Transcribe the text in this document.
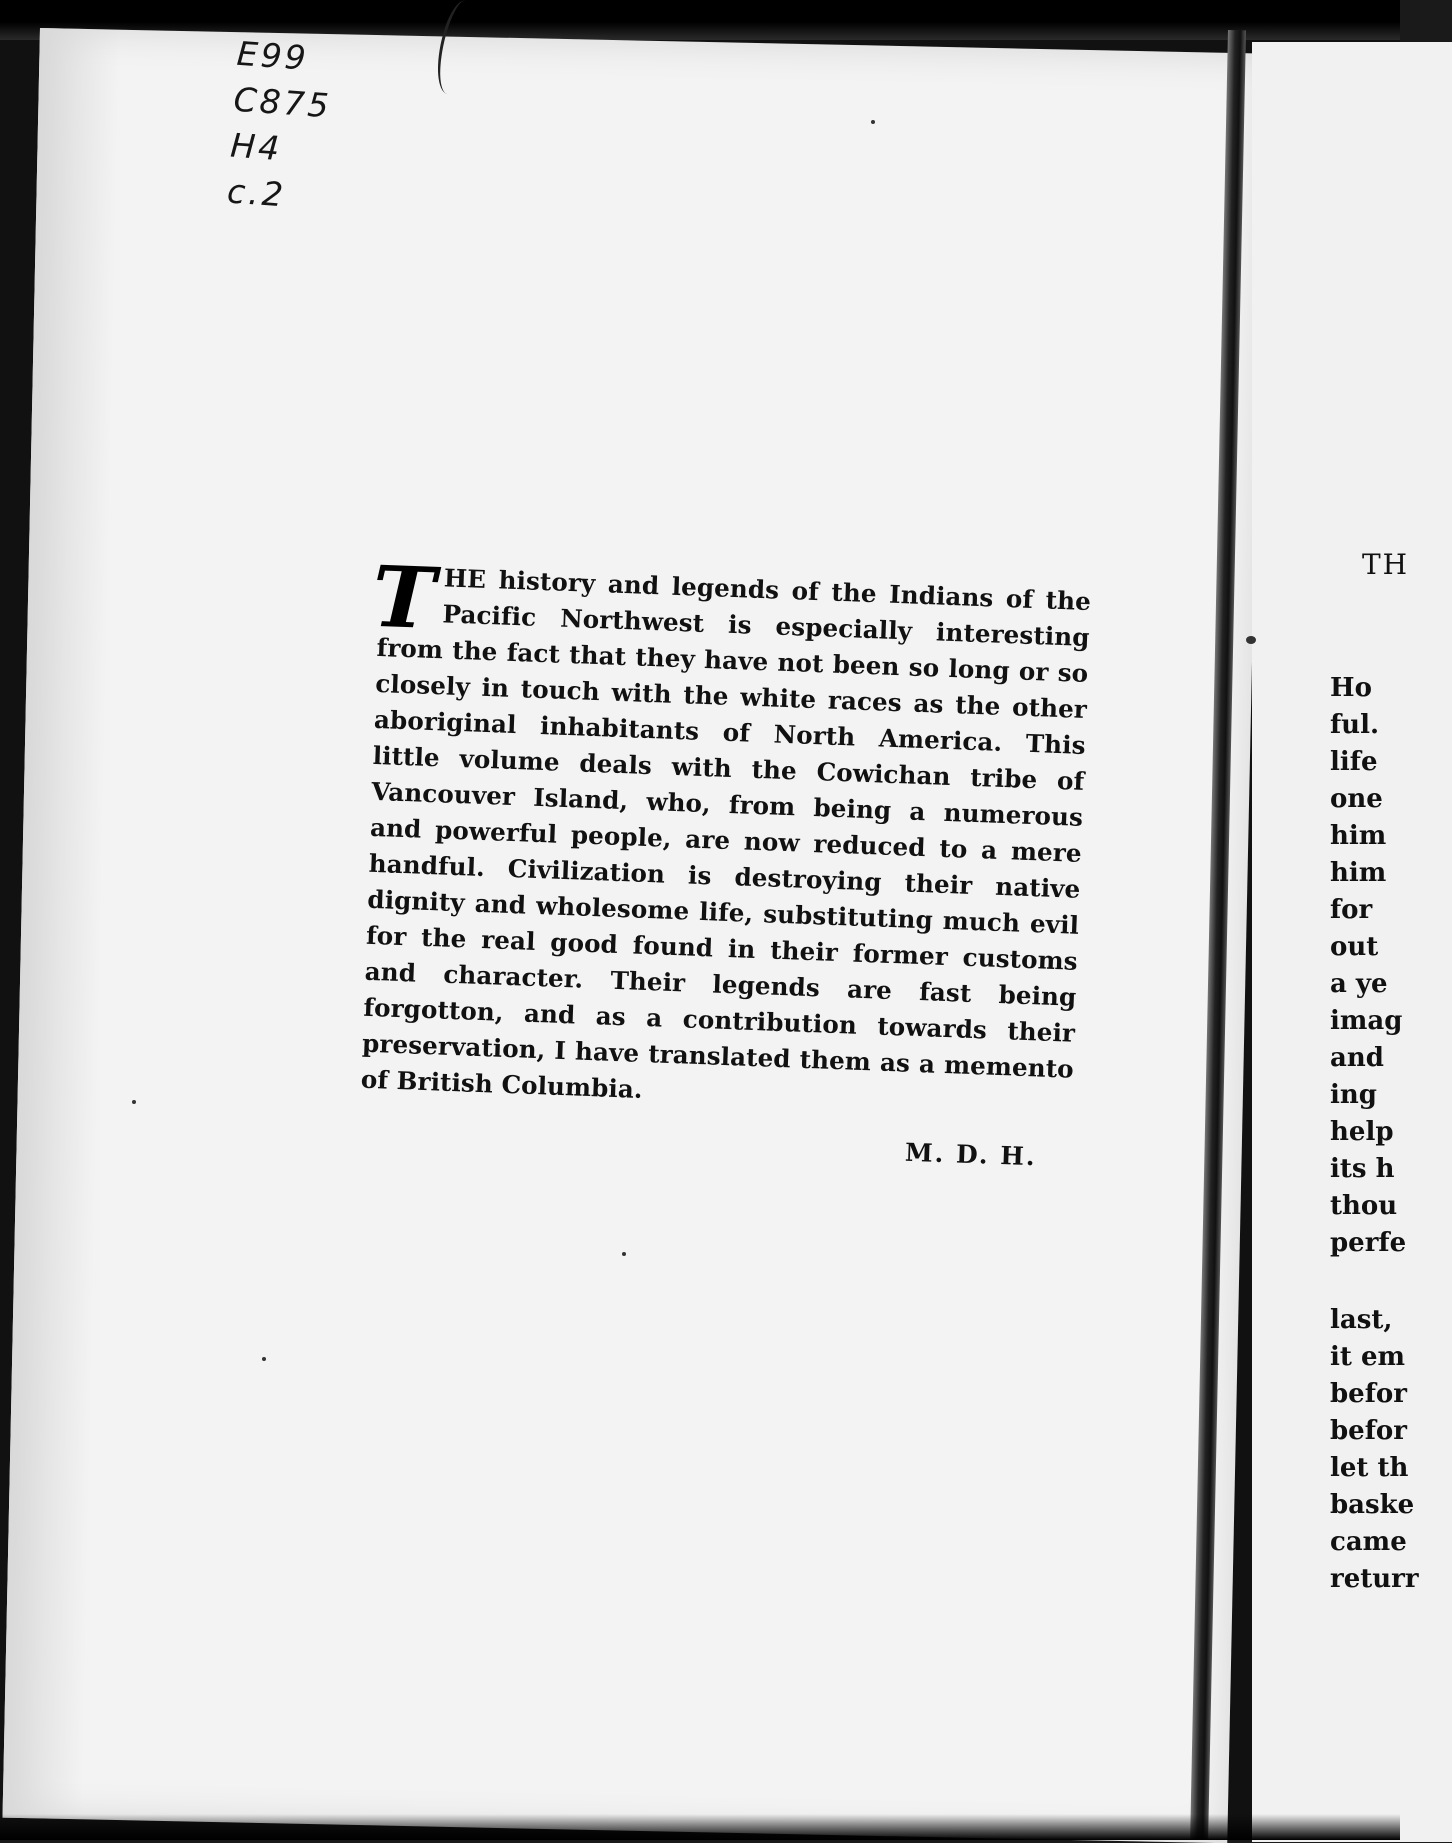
E99
C875
H4
c.2
T HE history and legends of the Indians of the Pacific Northwest is especially interesting from the fact that they have not been so long or so closely in touch with the white races as the other aboriginal inhabitants of North America. This little volume deals with the Cowichan tribe of Vancouver Island, who, from being a numerous and powerful people, are now reduced to a mere handful. Civilization is destroying their native dignity and wholesome life, substituting much evil for the real good found in their former customs and character. Their legends are fast being forgotton, and as a contribution towards their preservation, I have translated them as a memento of British Columbia.

M. D. H.
TH
Ho
ful.
life
one
him
him
for
out
a ye
imag
and
ing
help
its h
thou
perfe
last,
it em
befor
befor
let th
baske
came
returr
